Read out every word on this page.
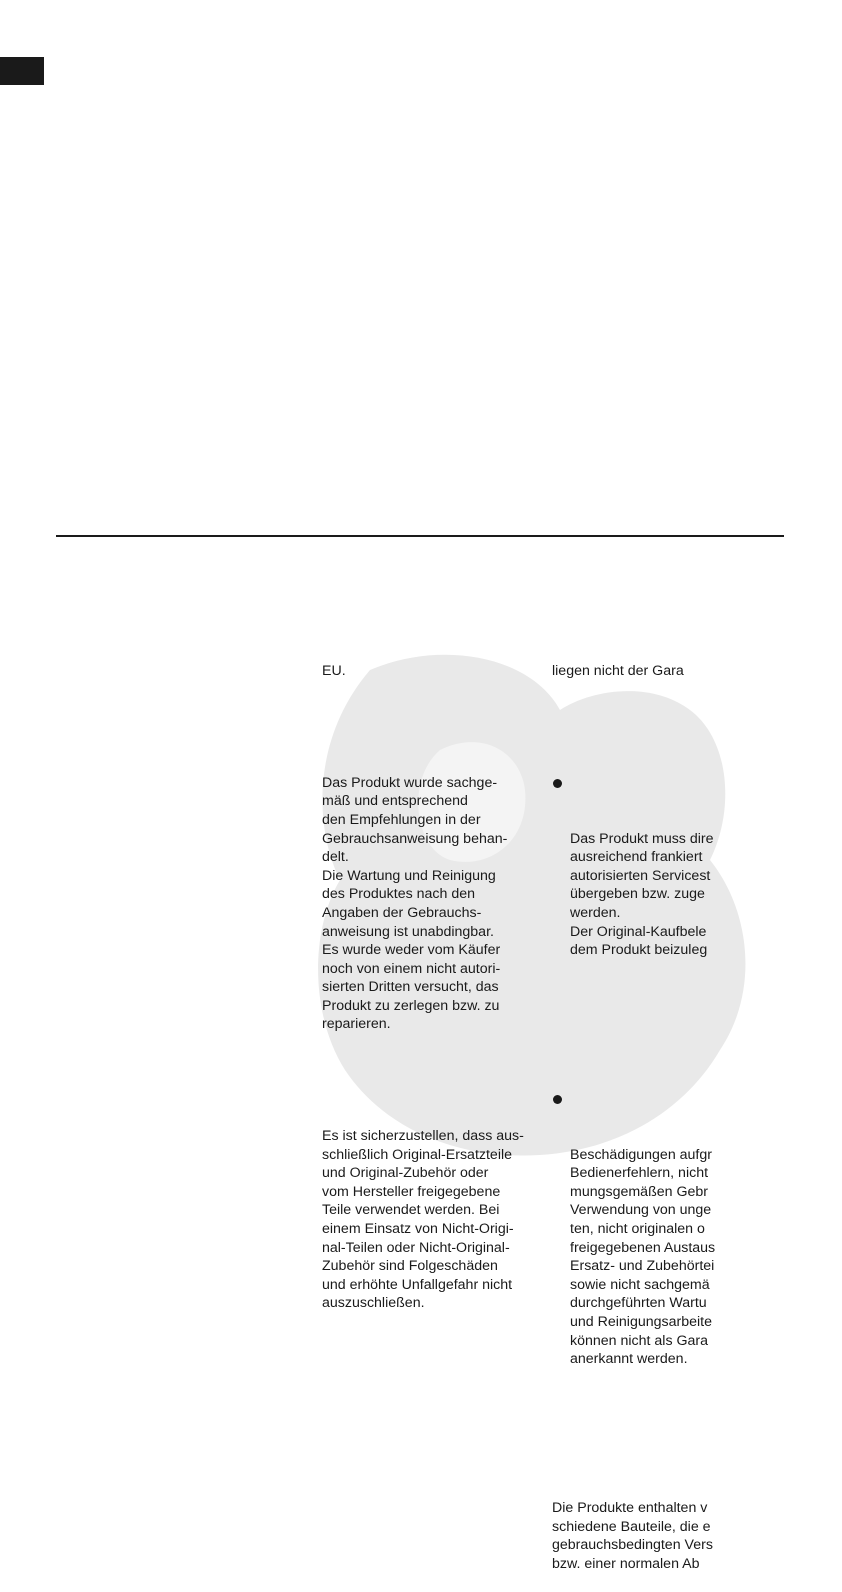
EU.

Das Produkt wurde sachge-
mäß und entsprechend
den Empfehlungen in der
Gebrauchsanweisung behan-
delt.
Die Wartung und Reinigung
des Produktes nach den
Angaben der Gebrauchs-
anweisung ist unabdingbar.
Es wurde weder vom Käufer
noch von einem nicht autori-
sierten Dritten versucht, das
Produkt zu zerlegen bzw. zu
reparieren.

Es ist sicherzustellen, dass aus-
schließlich Original-Ersatzteile
und Original-Zubehör oder
vom Hersteller freigegebene
Teile verwendet werden. Bei
einem Einsatz von Nicht-Origi-
nal-Teilen oder Nicht-Original-
Zubehör sind Folgeschäden
und erhöhte Unfallgefahr nicht
auszuschließen.

liegen nicht der Gara

Das Produkt muss dire
ausreichend frankiert
autorisierten Servicest
übergeben bzw. zuge
werden.
Der Original-Kaufbele
dem Produkt beizuleg

Beschädigungen aufgr
Bedienerfehlern, nicht
mungsgemäßen Gebr
Verwendung von unge
ten, nicht originalen o
freigegebenen Austaus
Ersatz- und Zubehörtei
sowie nicht sachgemä
durchgeführten Wartu
und Reinigungsarbeite
können nicht als Gara
anerkannt werden.

Die Produkte enthalten v
schiedene Bauteile, die e
gebrauchsbedingten Vers
bzw. einer normalen Ab
